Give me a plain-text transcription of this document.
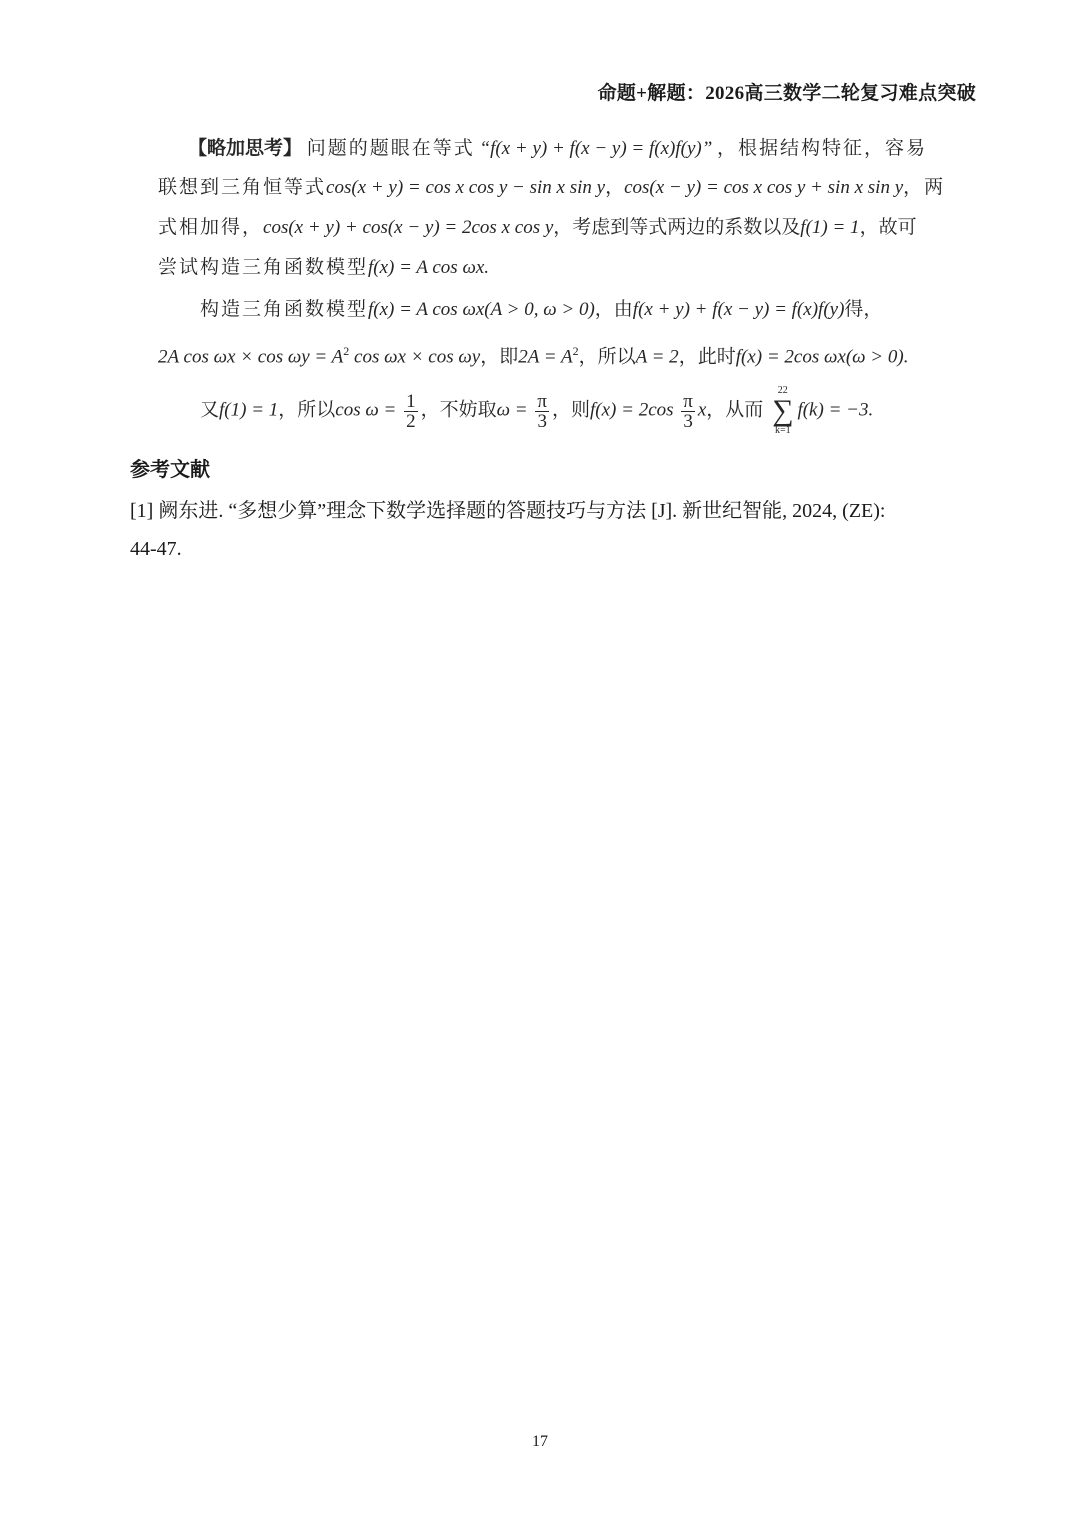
命题+解题：2026高三数学二轮复习难点突破
【略加思考】 问题的题眼在等式 “f(x + y) + f(x − y) = f(x)f(y)” ，根据结构特征，容易
联想到三角恒等式cos(x + y) = cos x cos y − sin x sin y，cos(x − y) = cos x cos y + sin x sin y，两
式相加得，cos(x + y) + cos(x − y) = 2cos x cos y，考虑到等式两边的系数以及f(1) = 1，故可
尝试构造三角函数模型f(x) = A cos ωx.
构造三角函数模型f(x) = A cos ωx(A > 0, ω > 0)，由f(x + y) + f(x − y) = f(x)f(y)得，
2A $\cos \omega x \times \cos \omega y = A^2$ cos ωx × cos ωy，即$2A = A^2$，所以A = 2，此时f(x) = 2cos ωx(ω > 0).
又f(1) = 1，所以$\cos \omega = \frac{1}{2}$ ，不妨取$\omega = \frac{\pi}{3}$ ，则$f(x) = 2\cos \frac{\pi}{3}$ x，从而
22
∑
k=1
f(k) = −3.
参考文献
[1] 阙东进. “多想少算”理念下数学选择题的答题技巧与方法 [J]. 新世纪智能, 2024, (ZE):
44-47.
17
